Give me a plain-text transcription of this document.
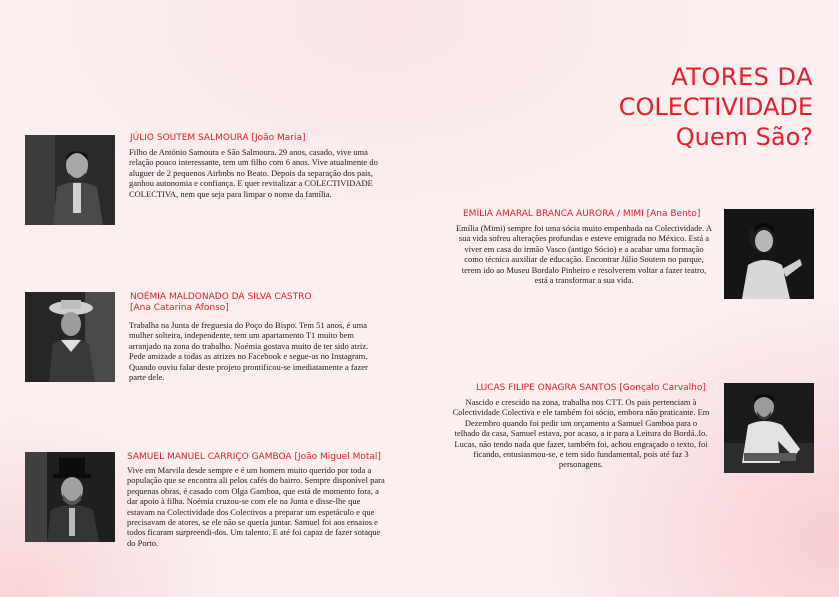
ATORES DA
COLECTIVIDADE
Quem São?
JÚLIO SOUTEM SALMOURA [João Maria]
Filho de António Samoura e São Salmoura. 29 anos, casado, vive uma relação pouco interessante, tem um filho com 6 anos. Vive atualmente do aluguer de 2 pequenos Airbnbs no Beato. Depois da separação dos pais, ganhou autonomia e confiança. E quer revitalizar a COLECTIVIDADE COLECTIVA, nem que seja para limpar o nome da família.
NOÉMIA MALDONADO DA SILVA CASTRO
[Ana Catarina Afonso]
Trabalha na Junta de freguesia do Poço do Bispo. Tem 51 anos, é uma mulher solteira, independente, tem um apartamento T1 muito bem arranjado na zona do trabalho. Noémia gostava muito de ter sido atriz. Pede amizade a todas as atrizes no Facebook e segue-as no Instagram. Quando ouviu falar deste projeto prontificou-se imediatamente a fazer parte dele.
SAMUEL MANUEL CARRIÇO GAMBOA [João Miguel Motal]
Vive em Marvila desde sempre e é um homem muito querido por toda a população que se encontra ali pelos cafés do bairro. Sempre disponível para pequenas obras, é casado com Olga Gamboa, que está de momento fora, a dar apoio à filha. Noémia cruzou-se com ele na Junta e disse-lhe que estavam na Colectividade dos Colectivos a preparar um espetáculo e que precisavam de atores, se ele não se queria juntar. Samuel foi aos ensaios e todos ficaram surpreendi-dos. Um talento. E até foi capaz de fazer sotaque do Porto.
EMÍLIA AMARAL BRANCA AURORA / MIMI [Ana Bento]
Emília (Mimi) sempre foi uma sócia muito empenhada na Colectividade. A sua vida sofreu alterações profundas e esteve emigrada no México. Está a viver em casa do irmão Vasco (antigo Sócio) e a acabar uma formação como técnica auxiliar de educação. Encontrar Júlio Soutem no parque, terem ido ao Museu Bordalo Pinheiro e resolverem voltar a fazer teatro, está a transformar a sua vida.
LUCAS FILIPE ONAGRA SANTOS [Gonçalo Carvalho]
Nascido e crescido na zona, trabalha nos CTT. Os pais pertenciam à Colectividade Colectiva e ele também foi sócio, embora não praticante. Em Dezembro quando foi pedir um orçamento a Samuel Gamboa para o telhado da casa, Samuel estava, por acaso, a ir para a Leitura do Bordá..lo. Lucas, não tendo nada que fazer, também foi, achou engraçado o texto, foi ficando, entusiasmou-se, e tem sido fundamental, pois até faz 3 personagens.
